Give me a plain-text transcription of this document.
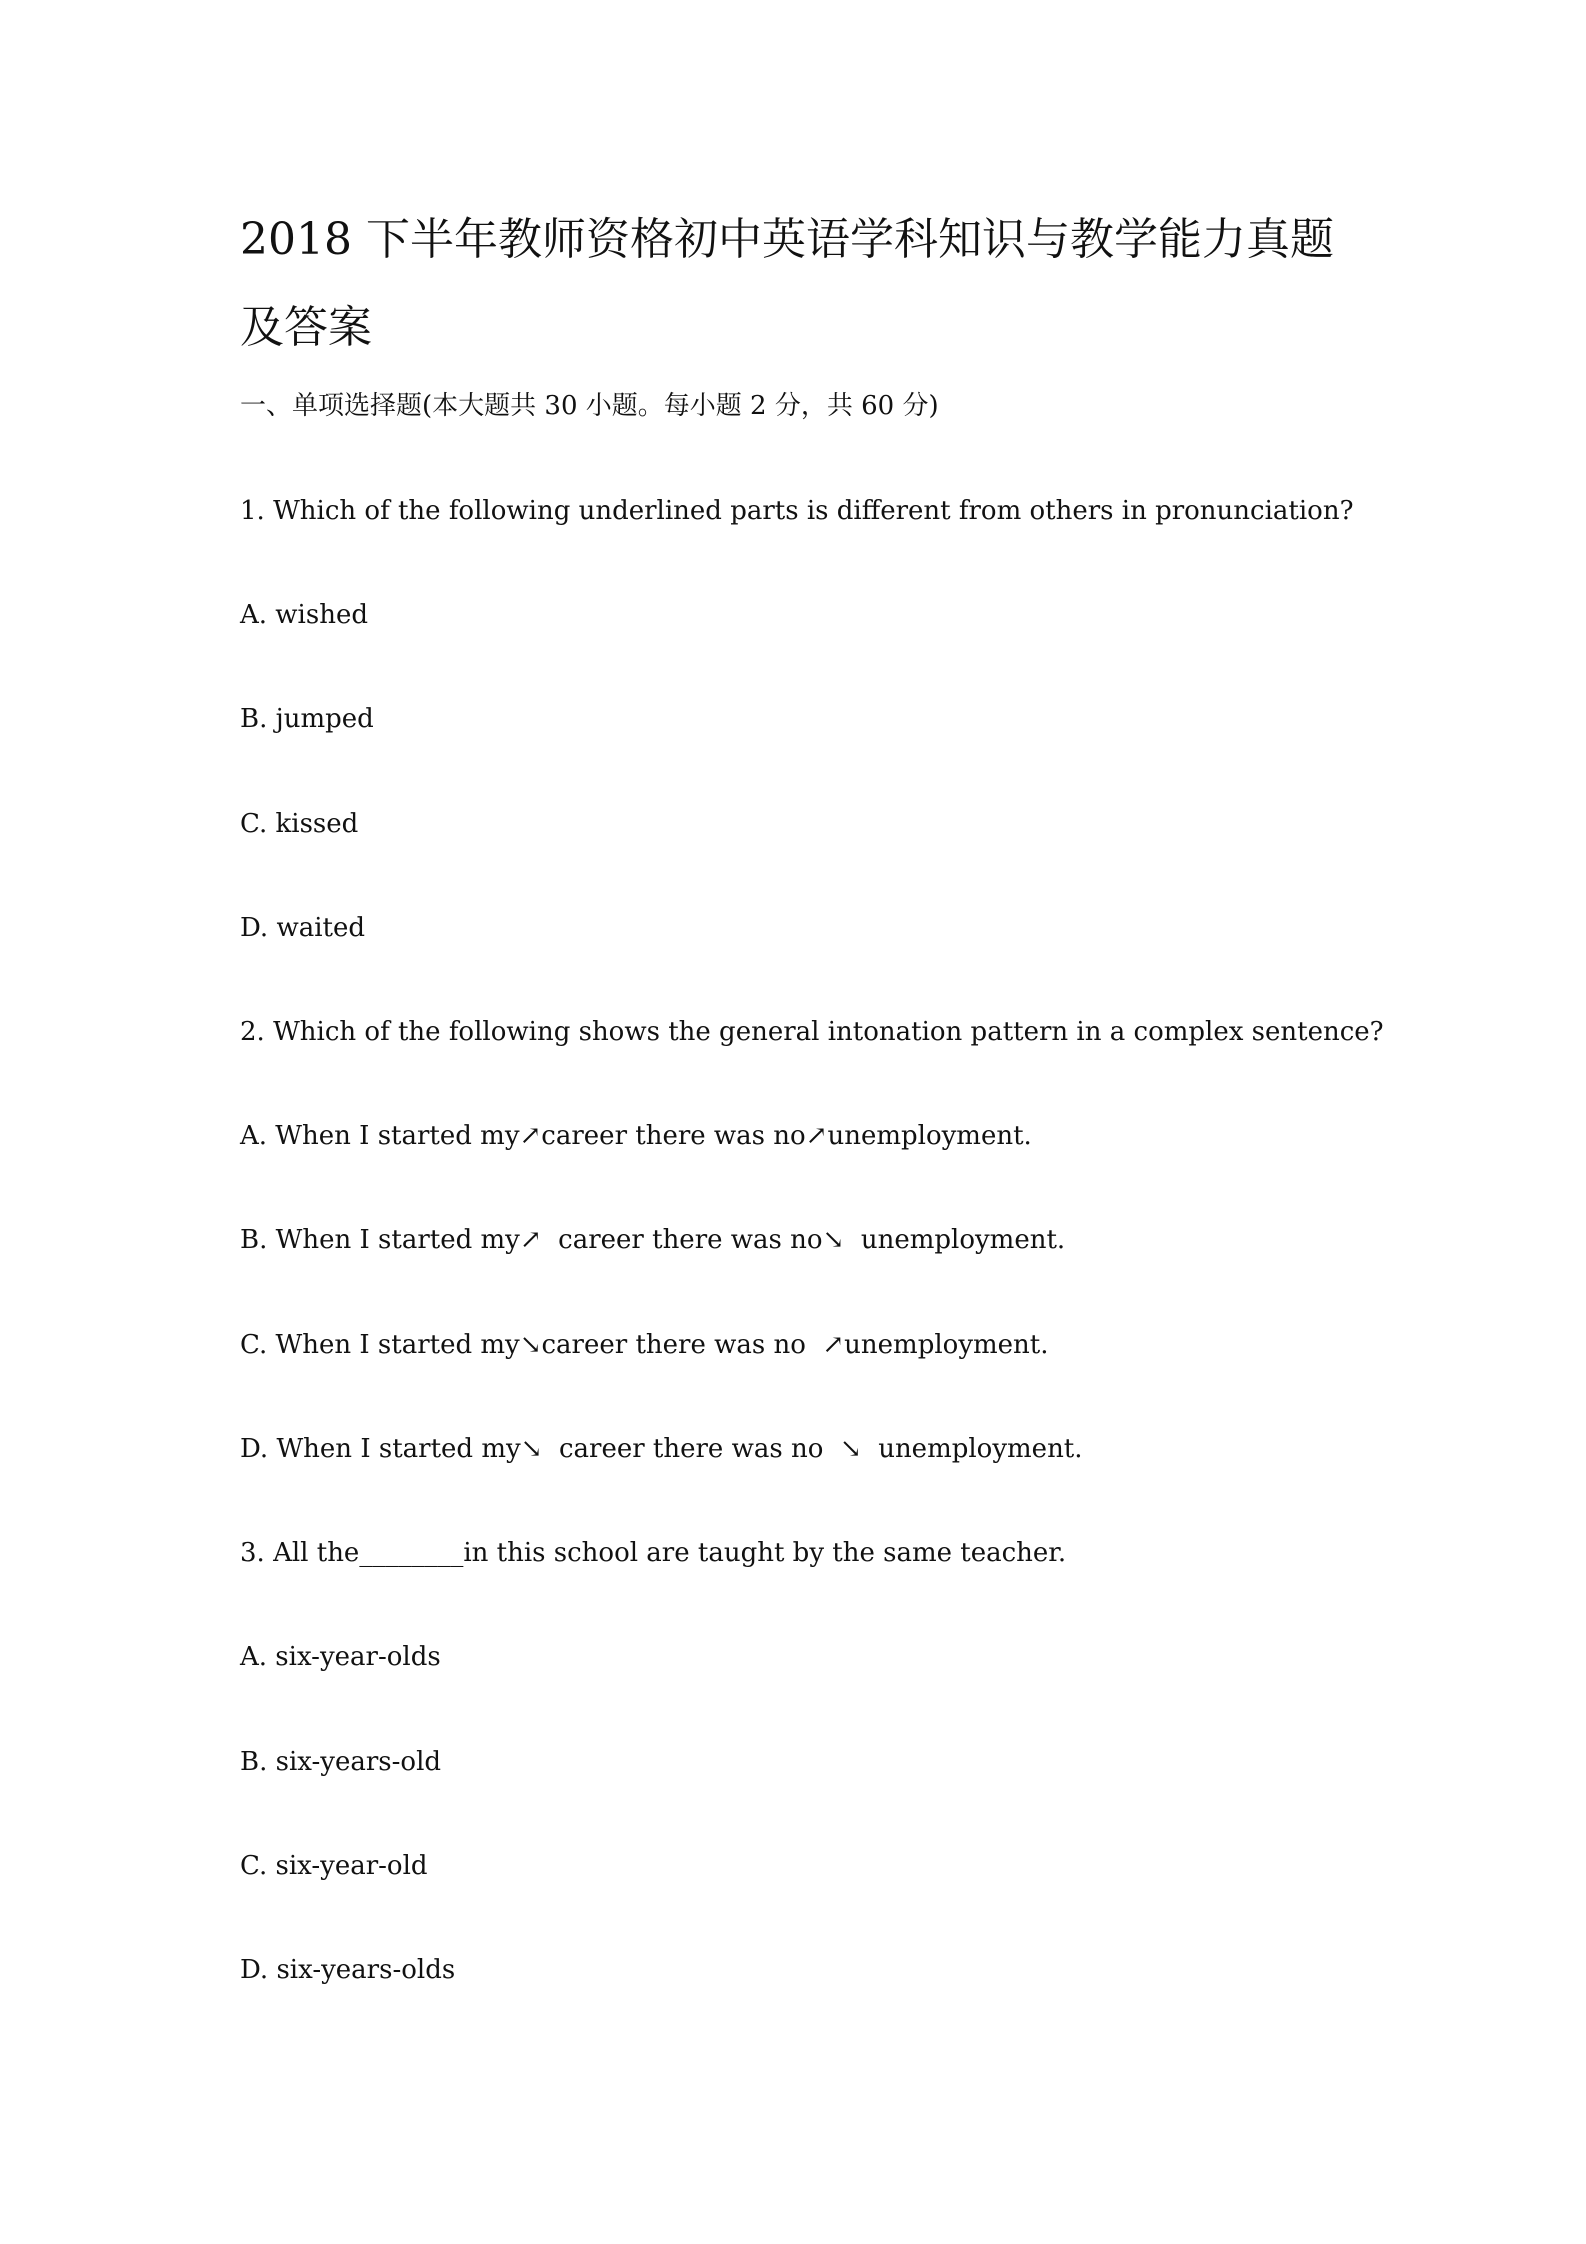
2018 下半年教师资格初中英语学科知识与教学能力真题及答案
一、单项选择题(本大题共 30 小题。每小题 2 分，共 60 分)
1. Which of the following underlined parts is different from others in pronunciation?
A. wished
B. jumped
C. kissed
D. waited
2. Which of the following shows the general intonation pattern in a complex sentence?
A. When I started my↗career there was no↗unemployment.
B. When I started my↗  career there was no↘  unemployment.
C. When I started my↘career there was no  ↗unemployment.
D. When I started my↘  career there was no  ↘  unemployment.
3. All the________in this school are taught by the same teacher.
A. six-year-olds
B. six-years-old
C. six-year-old
D. six-years-olds
